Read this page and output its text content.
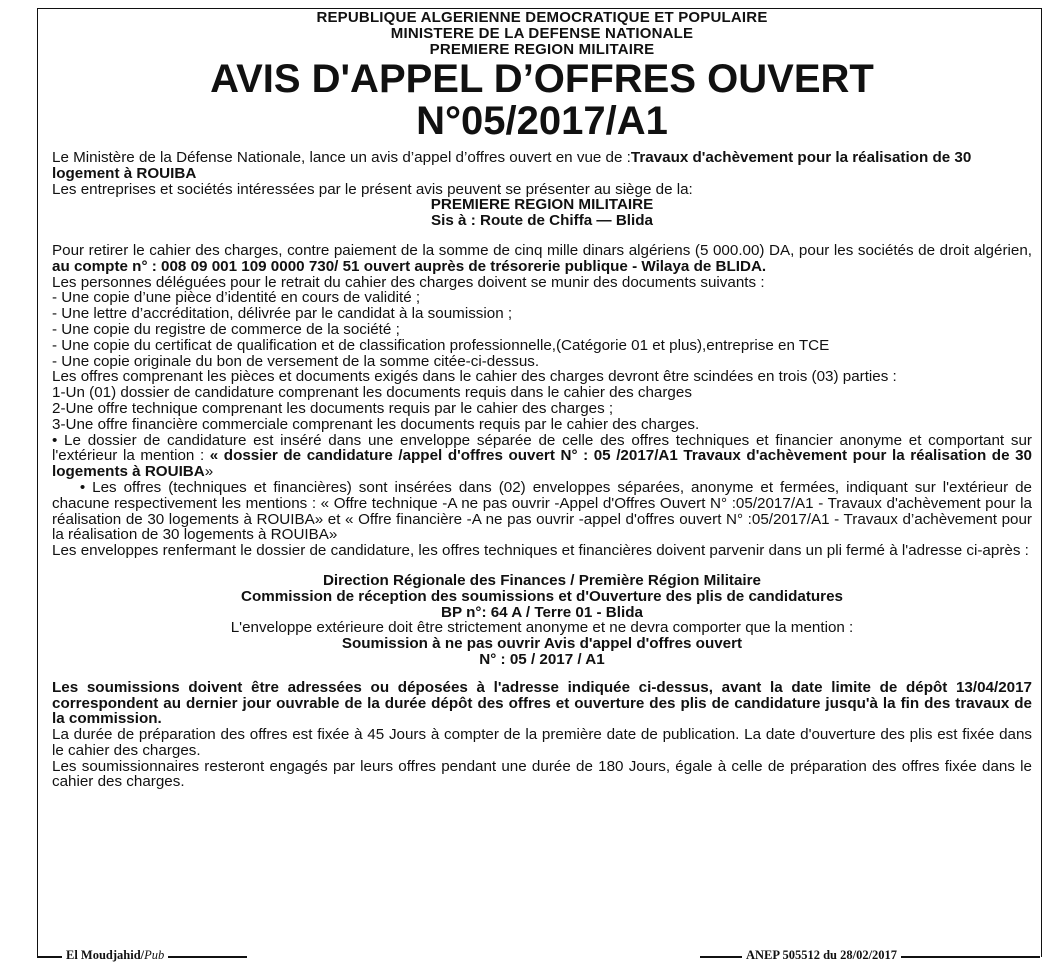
REPUBLIQUE ALGERIENNE DEMOCRATIQUE ET POPULAIRE
MINISTERE DE LA DEFENSE NATIONALE
PREMIERE REGION MILITAIRE
AVIS D'APPEL D’OFFRES OUVERT
N°05/2017/A1

Le Ministère de la Défense Nationale, lance un avis d’appel d’offres ouvert en vue de :Travaux d'achèvement pour la réalisation de 30 logement à ROUIBA

Les entreprises et sociétés intéressées par le présent avis peuvent se présenter au siège de la:

PREMIERE REGION MILITAIRE

Sis à : Route de Chiffa — Blida

Pour retirer le cahier des charges, contre paiement de la somme de cinq mille dinars algériens (5 000.00) DA, pour les sociétés de droit algérien, au compte n° : 008 09 001 109 0000 730/ 51 ouvert auprès de trésorerie publique - Wilaya de BLIDA.

Les personnes déléguées pour le retrait du cahier des charges doivent se munir des documents suivants :

- Une copie d’une pièce d’identité en cours de validité ;

- Une lettre d’accréditation, délivrée par le candidat à la soumission ;

- Une copie du registre de commerce de la société ;

- Une copie du certificat de qualification et de classification professionnelle,(Catégorie 01 et plus),entreprise en TCE

- Une copie originale du bon de versement de la somme citée-ci-dessus.

Les offres comprenant les pièces et documents exigés dans le cahier des charges devront être scindées en trois (03) parties :

1-Un (01) dossier de candidature comprenant les documents requis dans le cahier des charges

2-Une offre technique comprenant les documents requis par le cahier des charges ;

3-Une offre financière commerciale comprenant les documents requis par le cahier des charges.

• Le dossier de candidature est inséré dans une enveloppe séparée de celle des offres techniques et financier anonyme et comportant sur l'extérieur la mention : « dossier de candidature /appel d'offres ouvert N° : 05 /2017/A1 Travaux d'achèvement pour la réalisation de 30 logements à ROUIBA»

• Les offres (techniques et financières) sont insérées dans (02) enveloppes séparées, anonyme et fermées, indiquant sur l'extérieur de chacune respectivement les mentions : « Offre technique -A ne pas ouvrir -Appel d'Offres Ouvert N° :05/2017/A1 - Travaux d'achèvement pour la réalisation de 30 logements à ROUIBA» et « Offre financière -A ne pas ouvrir -appel d'offres ouvert N° :05/2017/A1 - Travaux d’achèvement pour la réalisation de 30 logements à ROUIBA»

Les enveloppes renfermant le dossier de candidature, les offres techniques et financières doivent parvenir dans un pli fermé à l'adresse ci-après :

Direction Régionale des Finances / Première Région Militaire

Commission de réception des soumissions et d'Ouverture des plis de candidatures

BP n°: 64 A / Terre 01 - Blida

L'enveloppe extérieure doit être strictement anonyme et ne devra comporter que la mention :

Soumission à ne pas ouvrir Avis d'appel d'offres ouvert

N° : 05 / 2017 / A1

Les soumissions doivent être adressées ou déposées à l'adresse indiquée ci-dessus, avant la date limite de dépôt 13/04/2017 correspondent au dernier jour ouvrable de la durée dépôt des offres et ouverture des plis de candidature jusqu'à la fin des travaux de la commission.

La durée de préparation des offres est fixée à 45 Jours à compter de la première date de publication. La date d'ouverture des plis est fixée dans le cahier des charges.

Les soumissionnaires resteront engagés par leurs offres pendant une durée de 180 Jours, égale à celle de préparation des offres fixée dans le cahier des charges.

El Moudjahid/Pub	ANEP 505512 du 28/02/2017
